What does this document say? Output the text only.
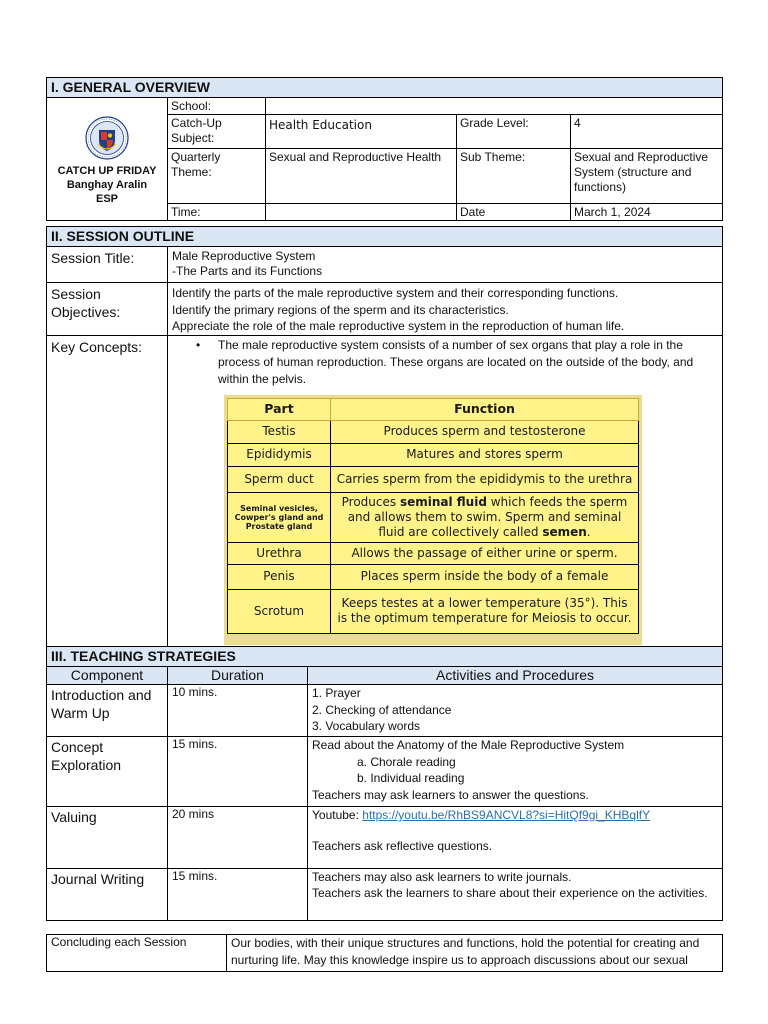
I. GENERAL OVERVIEW				

CATCH UP FRIDAY
Banghay Aralin
ESP	School:			
	Catch-Up Subject:	Health Education	Grade Level:	4
	Quarterly Theme:	Sexual and Reproductive Health	Sub Theme:	Sexual and Reproductive System (structure and functions)
	Time:		Date	March 1, 2024
II. SESSION OUTLINE
Session Title:	Male Reproductive System
-The Parts and its Functions

Session Objectives:	
Identify the parts of the male reproductive system and their corresponding functions.
Identify the primary regions of the sperm and its characteristics.
Appreciate the role of the male reproductive system in the reproduction of human life.

Key Concepts:	
•The male reproductive system consists of a number of sex organs that play a role in the process of human reproduction. These organs are located on the outside of the body, and within the pelvis.
Part	Function
Testis	Produces sperm and testosterone
Epididymis	Matures and stores sperm
Sperm duct	Carries sperm from the epididymis to the urethra
Seminal vesicles, Cowper's gland and Prostate gland	Produces seminal fluid which feeds the sperm and allows them to swim. Sperm and seminal fluid are collectively called semen.
Urethra	Allows the passage of either urine or sperm.
Penis	Places sperm inside the body of a female
Scrotum	Keeps testes at a lower temperature (35°). This is the optimum temperature for Meiosis to occur.
III. TEACHING STRATEGIES		
Component	Duration	Activities and Procedures
Introduction and Warm Up	10 mins.	1. Prayer
2. Checking of attendance
3. Vocabulary words

Concept Exploration	15 mins.	Read about the Anatomy of the Male Reproductive System
a. Chorale reading
b. Individual reading
Teachers may ask learners to answer the questions.

Valuing	20 mins	Youtube: https://youtu.be/RhBS9ANCVL8?si=HitQf9gi_KHBqlfY
Teachers ask reflective questions.

Journal Writing	15 mins.	Teachers may also ask learners to write journals.
Teachers ask the learners to share about their experience on the activities.
Concluding each Session	Our bodies, with their unique structures and functions, hold the potential for creating and nurturing life. May this knowledge inspire us to approach discussions about our sexual
